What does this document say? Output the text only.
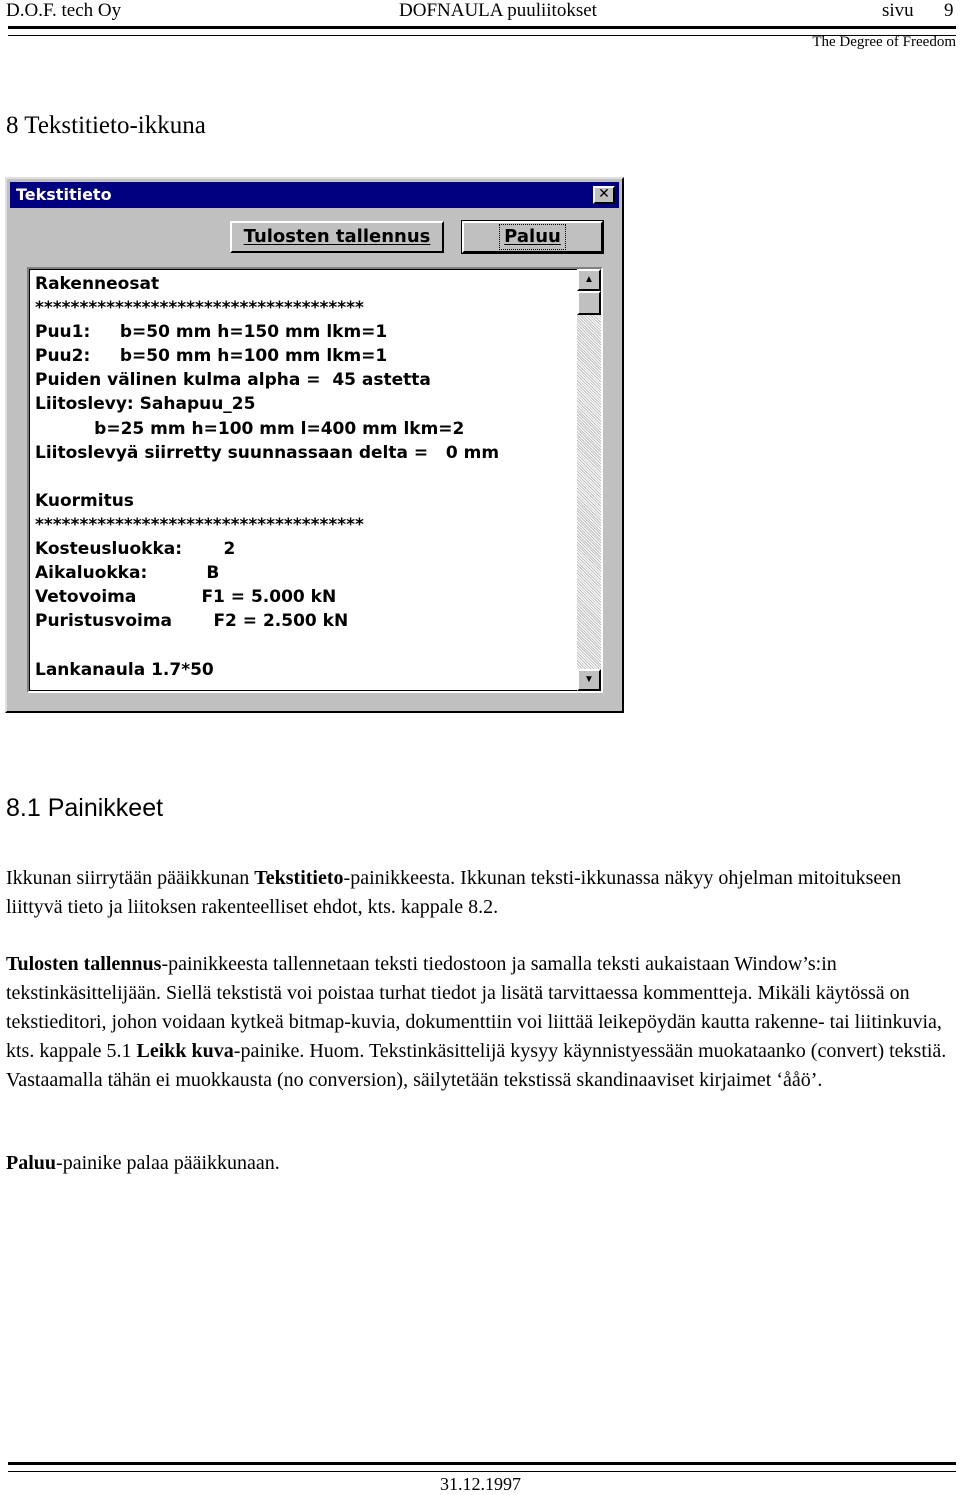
D.O.F. tech Oy	DOFNAULA puuliitokset	sivu 9
The Degree of Freedom
8 Tekstitieto-ikkuna
Tekstitieto	✕
Tulosten tallennus	Paluu
Rakenneosat
*************************************
Puu1:     b=50 mm h=150 mm lkm=1
Puu2:     b=50 mm h=100 mm lkm=1
Puiden välinen kulma alpha =  45 astetta
Liitoslevy: Sahapuu_25
b=25 mm h=100 mm l=400 mm lkm=2
Liitoslevyä siirretty suunnassaan delta =   0 mm

Kuormitus
*************************************
Kosteusluokka:       2
Aikaluokka:          B
Vetovoima           F1 = 5.000 kN
Puristusvoima       F2 = 2.500 kN

Lankanaula 1.7*50
▲
▼
8.1 Painikkeet
Ikkunan siirrytään pääikkunan Tekstitieto-painikkeesta. Ikkunan teksti-ikkunassa näkyy ohjelman mitoitukseen liittyvä tieto ja liitoksen rakenteelliset ehdot, kts. kappale 8.2.
Tulosten tallennus-painikkeesta tallennetaan teksti tiedostoon ja samalla teksti aukaistaan Window’s:in tekstinkäsittelijään. Siellä tekstistä voi poistaa turhat tiedot ja lisätä tarvittaessa kommentteja. Mikäli käytössä on tekstieditori, johon voidaan kytkeä bitmap-kuvia, dokumenttiin voi liittää leikepöydän kautta rakenne- tai liitinkuvia, kts. kappale 5.1 Leikk kuva-painike. Huom. Tekstinkäsittelijä kysyy käynnistyessään muokataanko (convert) tekstiä. Vastaamalla tähän ei muokkausta (no conversion), säilytetään tekstissä skandinaaviset kirjaimet ‘ååö’.
Paluu-painike palaa pääikkunaan.
31.12.1997
